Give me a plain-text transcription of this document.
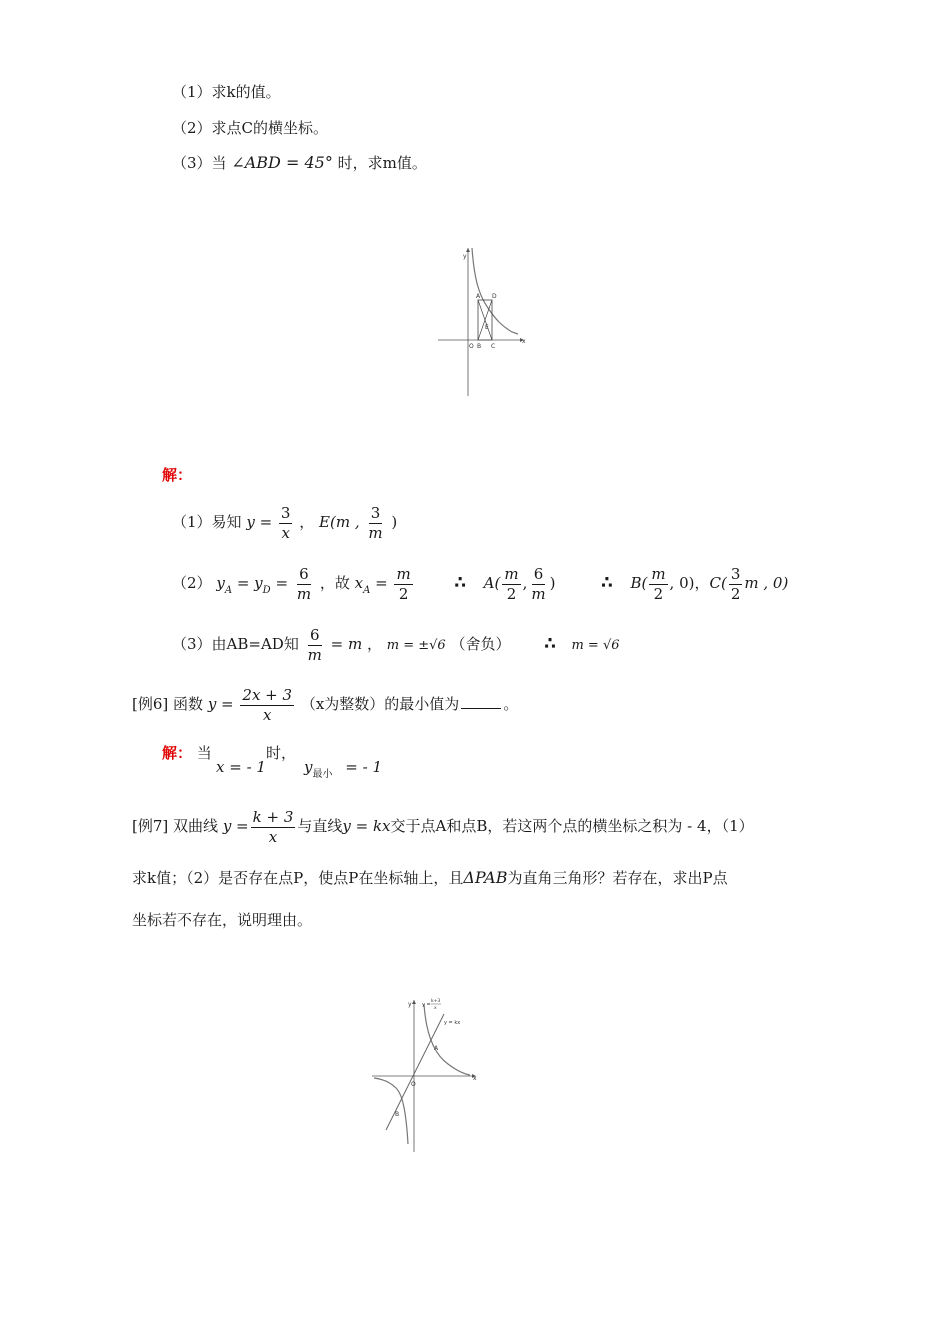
（1）求k的值。
（2）求点C的横坐标。
（3）当 ∠ABD = 45° 时，求m值。
y
x
A D
E
O B C
解：
（1）易知 $y = \frac{3}{x}$ ， E(m , $\frac{3}{m}$ )
（2） $y_A = y_D = \frac{6}{m}$ ，故 $x_A = \frac{m}{2}$ ∴ $A( \frac{m}{2}$ , $\frac{6}{m}$ )	∴ $B( \frac{m}{2}$ , 0)，$C( \frac{3}{2}$ m , 0)
（3）由AB=AD知 $\frac{6}{m} = m$ ， m = ±√6 （舍负） ∴ m = √6
[例6] 函数 $y = \frac{2x + 3}{x} (x$为整数）的最小值为	。
解： 当
x = - 1
时，
$y_{最小}$ = - 1
[例7] 双曲线 $y = \frac{k + 3}{x}$ 与直线y = kx交于点A和点B，若这两个点的横坐标之积为 - 4，（1）
求k值；（2）是否存在点P，使点P在坐标轴上，且ΔPAB为直角三角形？若存在，求出P点
坐标若不存在，说明理由。
y
x
y =
k+3
x
y = kx
A
O
B
